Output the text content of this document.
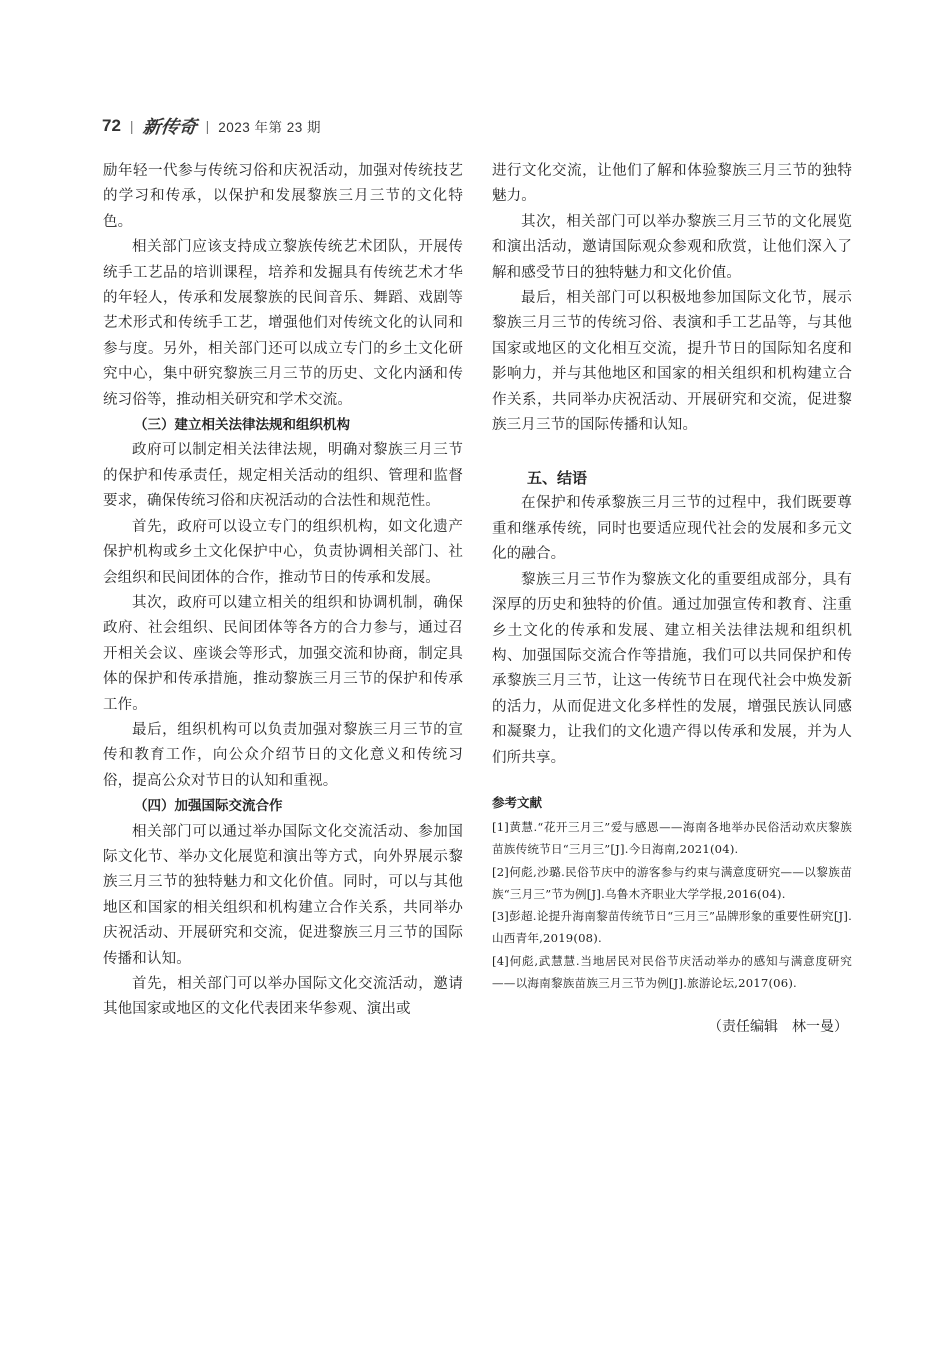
72 | 新传奇 | 2023 年第 23 期

励年轻一代参与传统习俗和庆祝活动，加强对传统技艺的学习和传承，以保护和发展黎族三月三节的文化特色。

相关部门应该支持成立黎族传统艺术团队，开展传统手工艺品的培训课程，培养和发掘具有传统艺术才华的年轻人，传承和发展黎族的民间音乐、舞蹈、戏剧等艺术形式和传统手工艺，增强他们对传统文化的认同和参与度。另外，相关部门还可以成立专门的乡土文化研究中心，集中研究黎族三月三节的历史、文化内涵和传统习俗等，推动相关研究和学术交流。

（三）建立相关法律法规和组织机构

政府可以制定相关法律法规，明确对黎族三月三节的保护和传承责任，规定相关活动的组织、管理和监督要求，确保传统习俗和庆祝活动的合法性和规范性。

首先，政府可以设立专门的组织机构，如文化遗产保护机构或乡土文化保护中心，负责协调相关部门、社会组织和民间团体的合作，推动节日的传承和发展。

其次，政府可以建立相关的组织和协调机制，确保政府、社会组织、民间团体等各方的合力参与，通过召开相关会议、座谈会等形式，加强交流和协商，制定具体的保护和传承措施，推动黎族三月三节的保护和传承工作。

最后，组织机构可以负责加强对黎族三月三节的宣传和教育工作，向公众介绍节日的文化意义和传统习俗，提高公众对节日的认知和重视。

（四）加强国际交流合作

相关部门可以通过举办国际文化交流活动、参加国际文化节、举办文化展览和演出等方式，向外界展示黎族三月三节的独特魅力和文化价值。同时，可以与其他地区和国家的相关组织和机构建立合作关系，共同举办庆祝活动、开展研究和交流，促进黎族三月三节的国际传播和认知。

首先，相关部门可以举办国际文化交流活动，邀请其他国家或地区的文化代表团来华参观、演出或

进行文化交流，让他们了解和体验黎族三月三节的独特魅力。

其次，相关部门可以举办黎族三月三节的文化展览和演出活动，邀请国际观众参观和欣赏，让他们深入了解和感受节日的独特魅力和文化价值。

最后，相关部门可以积极地参加国际文化节，展示黎族三月三节的传统习俗、表演和手工艺品等，与其他国家或地区的文化相互交流，提升节日的国际知名度和影响力，并与其他地区和国家的相关组织和机构建立合作关系，共同举办庆祝活动、开展研究和交流，促进黎族三月三节的国际传播和认知。

五、结语

在保护和传承黎族三月三节的过程中，我们既要尊重和继承传统，同时也要适应现代社会的发展和多元文化的融合。

黎族三月三节作为黎族文化的重要组成部分，具有深厚的历史和独特的价值。通过加强宣传和教育、注重乡土文化的传承和发展、建立相关法律法规和组织机构、加强国际交流合作等措施，我们可以共同保护和传承黎族三月三节，让这一传统节日在现代社会中焕发新的活力，从而促进文化多样性的发展，增强民族认同感和凝聚力，让我们的文化遗产得以传承和发展，并为人们所共享。

参考文献

[1]黄慧.“花开三月三”爱与感恩——海南各地举办民俗活动欢庆黎族苗族传统节日“三月三”[J].今日海南,2021(04).

[2]何彪,沙璐.民俗节庆中的游客参与约束与满意度研究——以黎族苗族“三月三”节为例[J].乌鲁木齐职业大学学报,2016(04).

[3]彭超.论提升海南黎苗传统节日“三月三”品牌形象的重要性研究[J].山西青年,2019(08).

[4]何彪,武慧慧.当地居民对民俗节庆活动举办的感知与满意度研究——以海南黎族苗族三月三节为例[J].旅游论坛,2017(06).

（责任编辑　林一曼）
